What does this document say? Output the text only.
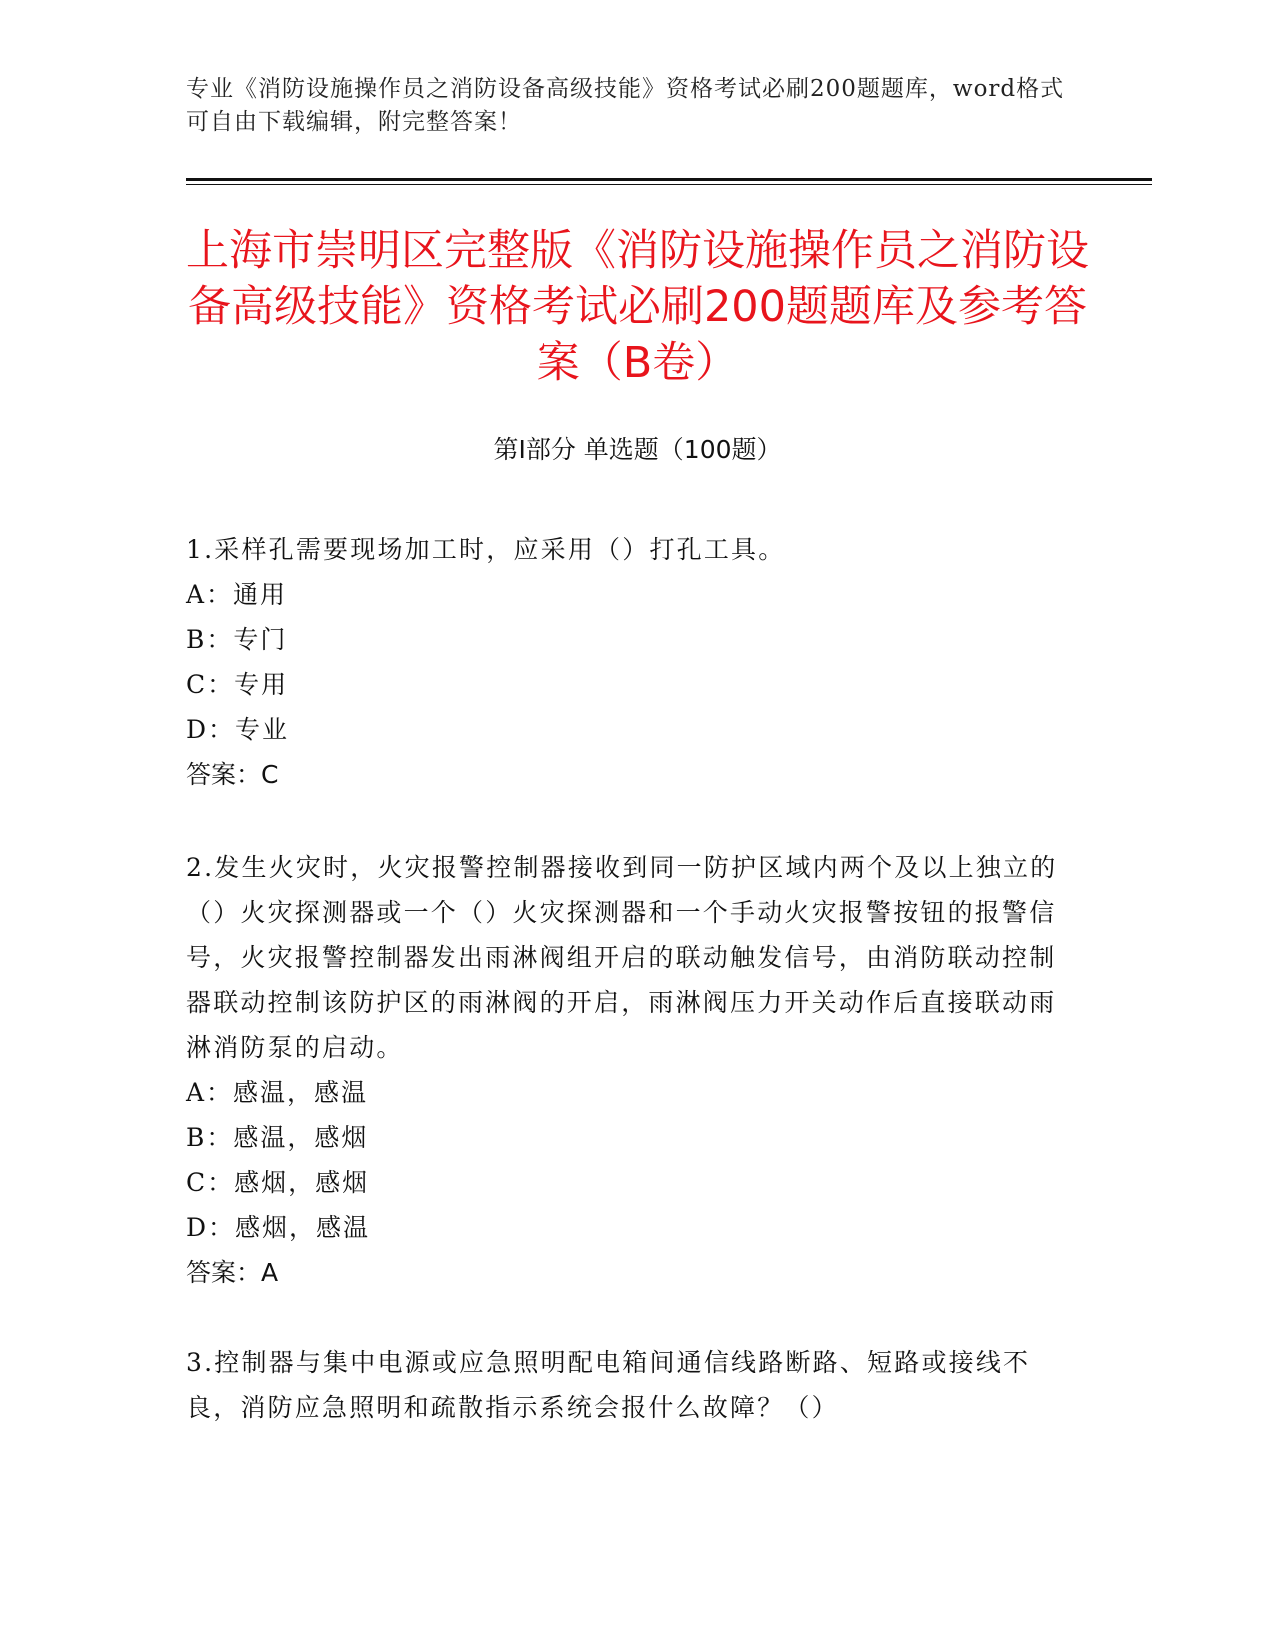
专业《消防设施操作员之消防设备高级技能》资格考试必刷200题题库，word格式可自由下载编辑，附完整答案！
上海市崇明区完整版《消防设施操作员之消防设备高级技能》资格考试必刷200题题库及参考答案（B卷）
第Ⅰ部分 单选题（100题）

1.采样孔需要现场加工时，应采用（）打孔工具。

A：通用

B：专门

C：专用

D：专业

答案：C

2.发生火灾时，火灾报警控制器接收到同一防护区域内两个及以上独立的（）火灾探测器或一个（）火灾探测器和一个手动火灾报警按钮的报警信号，火灾报警控制器发出雨淋阀组开启的联动触发信号，由消防联动控制器联动控制该防护区的雨淋阀的开启，雨淋阀压力开关动作后直接联动雨淋消防泵的启动。

A：感温，感温

B：感温，感烟

C：感烟，感烟

D：感烟，感温

答案：A

3.控制器与集中电源或应急照明配电箱间通信线路断路、短路或接线不良，消防应急照明和疏散指示系统会报什么故障？（）
